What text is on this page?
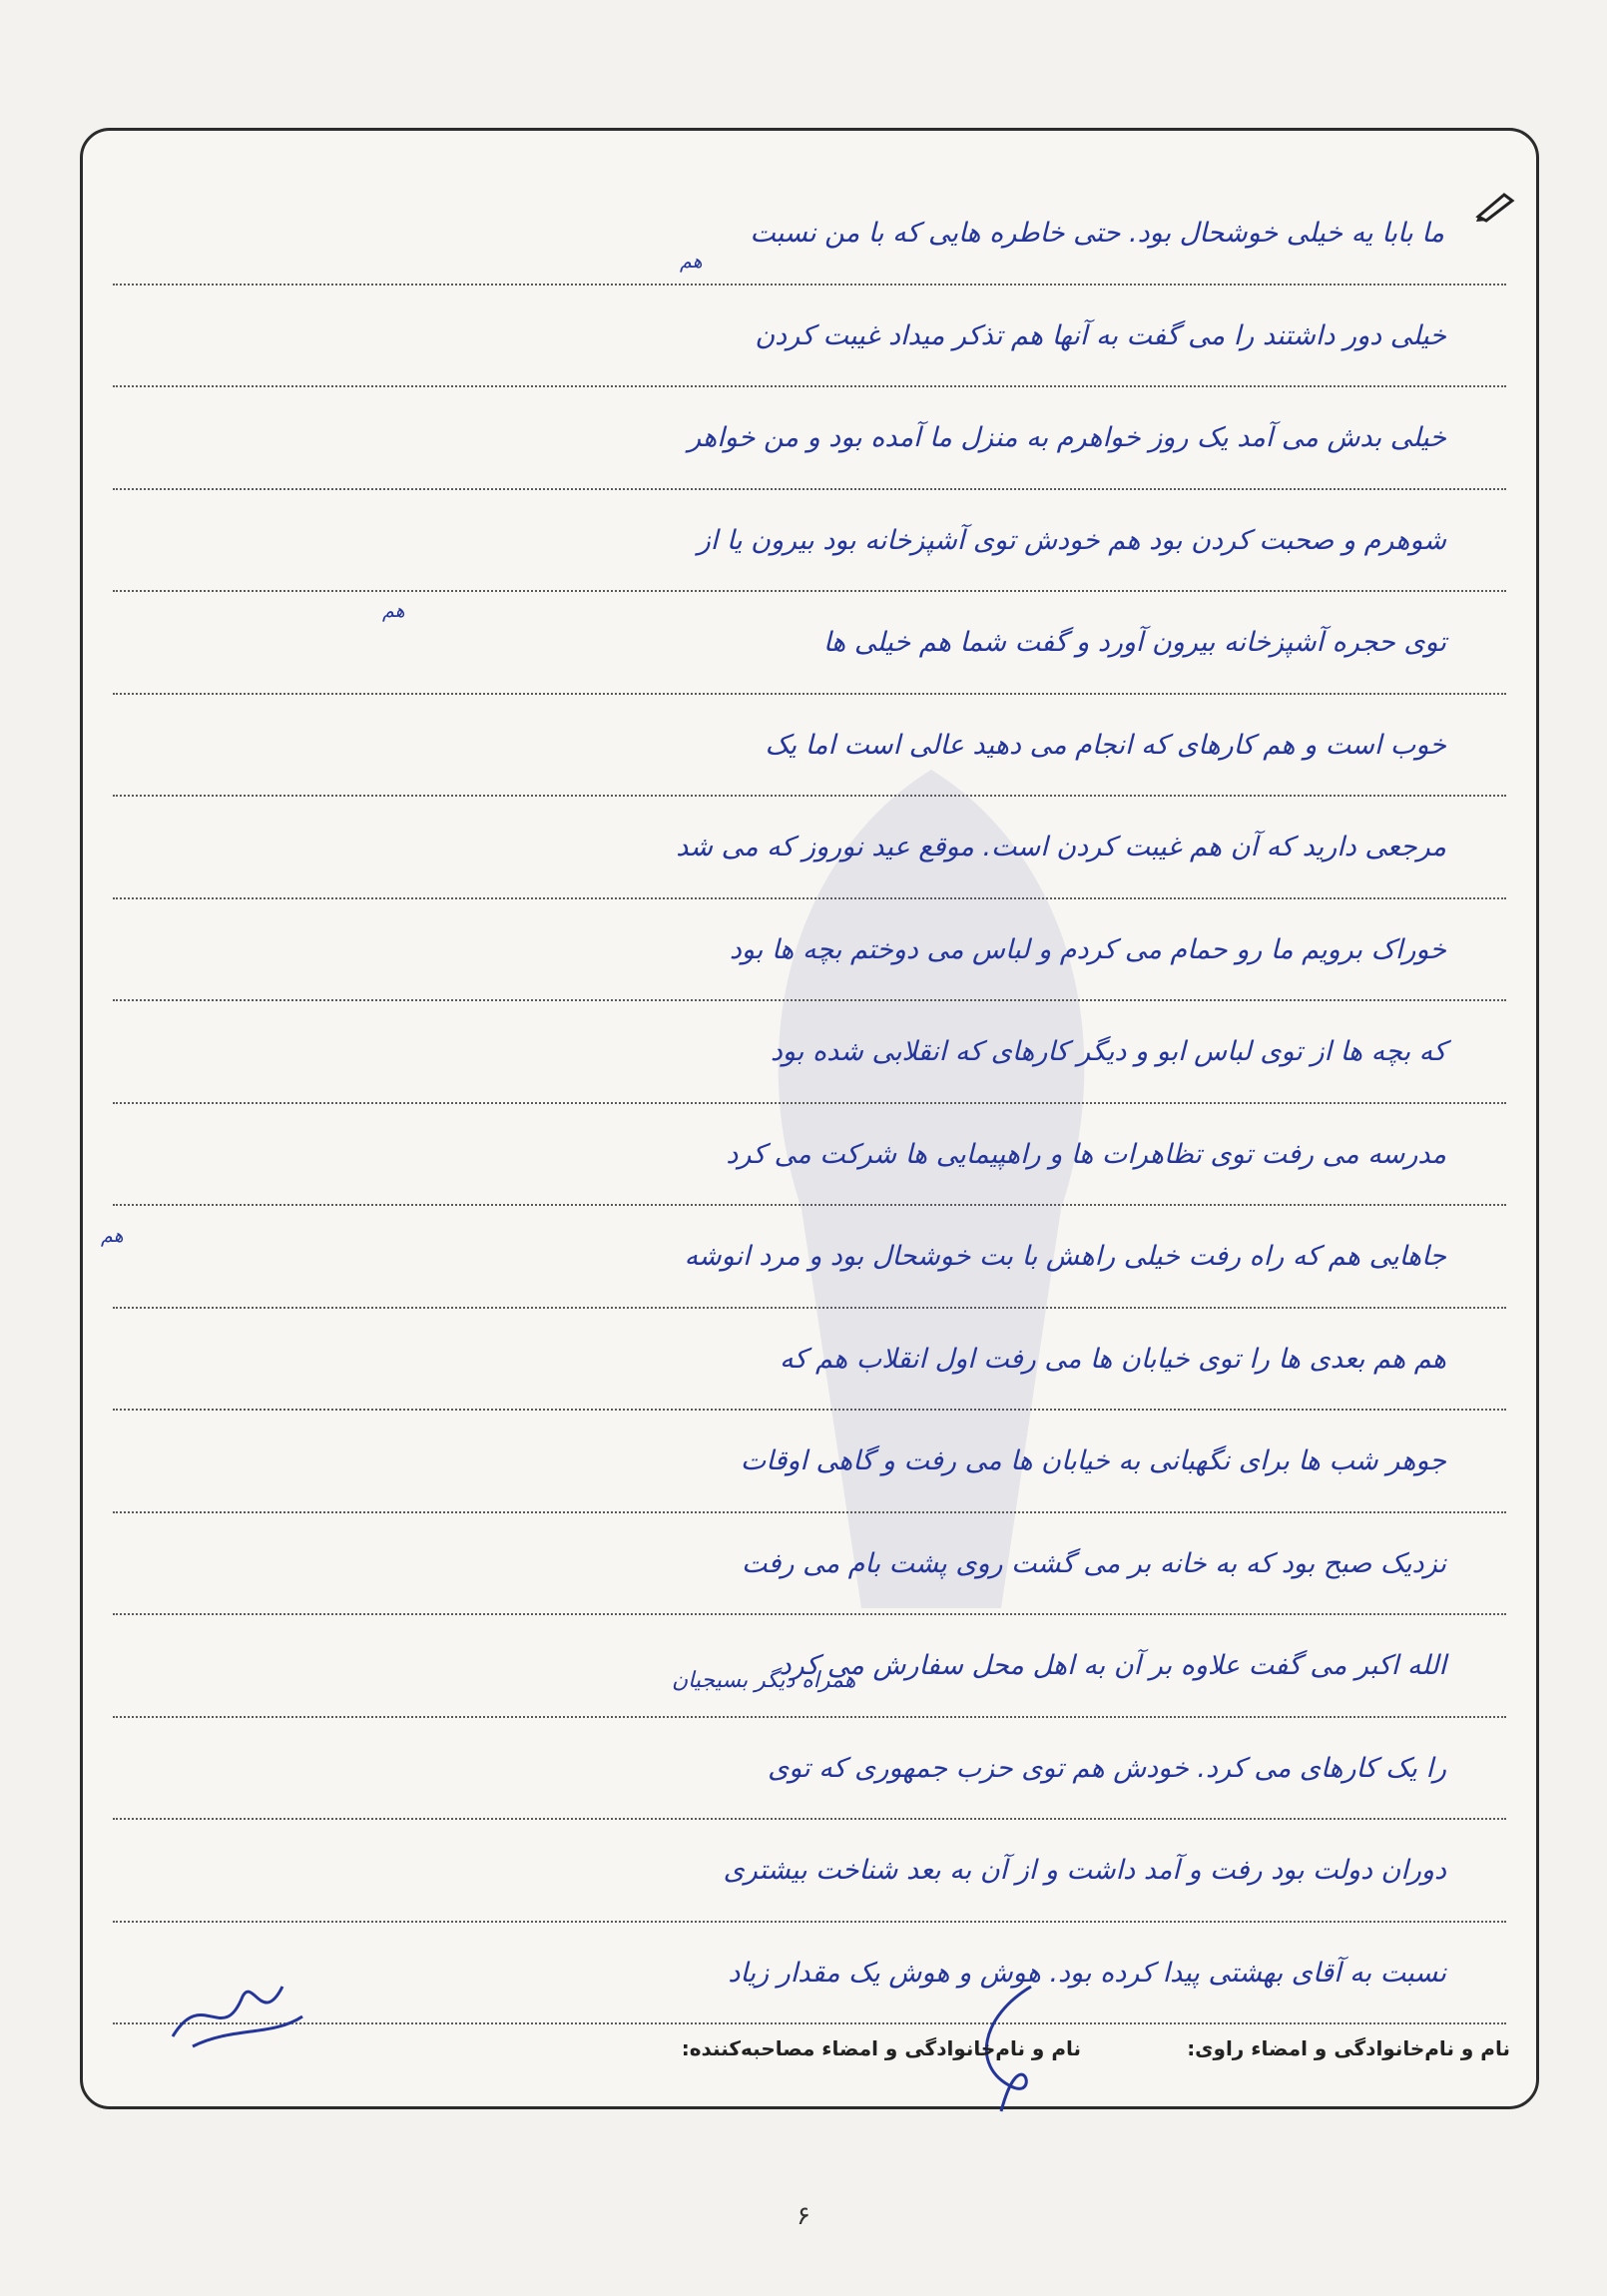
ما بابا یه خیلی خوشحال بود. حتی خاطره هایی که با من نسبت
خیلی دور داشتند را می گفت به آنها هم تذکر میداد غیبت کردن
خیلی بدش می آمد یک روز خواهرم به منزل ما آمده بود و من خواهر
شوهرم و صحبت کردن بود هم خودش توی آشپزخانه بود بیرون یا از
توی حجره آشپزخانه بیرون آورد و گفت شما هم خیلی ها
خوب است و هم کارهای که انجام می دهید عالی است اما یک
مرجعی دارید که آن هم غیبت کردن است. موقع عید نوروز که می شد
خوراک برویم ما رو حمام می کردم و لباس می دوختم بچه ها بود
که بچه ها از توی لباس ابو و دیگر کارهای که انقلابی شده بود
مدرسه می رفت توی تظاهرات ها و راهپیمایی ها شرکت می کرد
جاهایی هم که راه رفت خیلی راهش با بت خوشحال بود و مرد انوشه
هم هم بعدی ها را توی خیابان ها می رفت اول انقلاب هم که
جوهر شب ها برای نگهبانی به خیابان ها می رفت و گاهی اوقات
نزدیک صبح بود که به خانه بر می گشت روی پشت بام می رفت
الله اکبر می گفت علاوه بر آن به اهل محل سفارش می کرد
را یک کارهای می کرد. خودش هم توی حزب جمهوری که توی
دوران دولت بود رفت و آمد داشت و از آن به بعد شناخت بیشتری
نسبت به آقای بهشتی پیدا کرده بود. هوش و هوش یک مقدار زیاد
هم
هم
هم
همراه دیگر بسیجیان
نام و نام‌خانوادگی و امضاء راوی:
نام و نام‌خانوادگی و امضاء مصاحبه‌کننده:
۶
